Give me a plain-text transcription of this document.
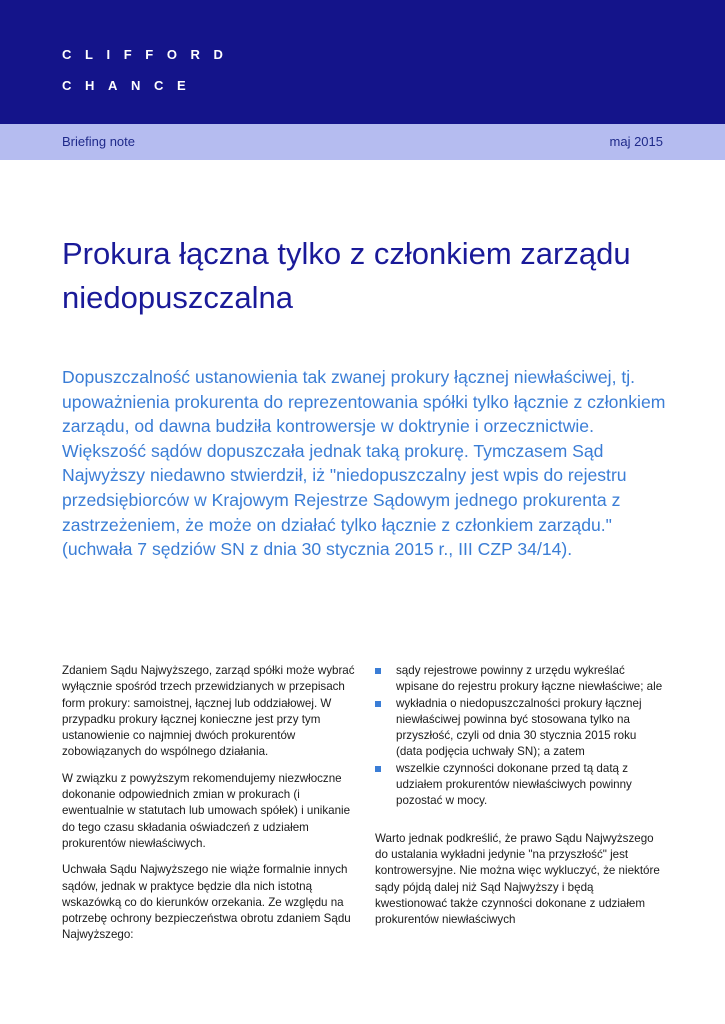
CLIFFORD
CHANCE
Briefing note	maj 2015
Prokura łączna tylko z członkiem zarządu niedopuszczalna

Dopuszczalność ustanowienia tak zwanej prokury łącznej niewłaściwej, tj. upoważnienia prokurenta do reprezentowania spółki tylko łącznie z członkiem zarządu, od dawna budziła kontrowersje w doktrynie i orzecznictwie. Większość sądów dopuszczała jednak taką prokurę. Tymczasem Sąd Najwyższy niedawno stwierdził, iż "niedopuszczalny jest wpis do rejestru przedsiębiorców w Krajowym Rejestrze Sądowym jednego prokurenta z zastrzeżeniem, że może on działać tylko łącznie z członkiem zarządu." (uchwała 7 sędziów SN z dnia 30 stycznia 2015 r., III CZP 34/14).

Zdaniem Sądu Najwyższego, zarząd spółki może wybrać wyłącznie spośród trzech przewidzianych w przepisach form prokury: samoistnej, łącznej lub oddziałowej. W przypadku prokury łącznej konieczne jest przy tym ustanowienie co najmniej dwóch prokurentów zobowiązanych do wspólnego działania.

W związku z powyższym rekomendujemy niezwłoczne dokonanie odpowiednich zmian w prokurach (i ewentualnie w statutach lub umowach spółek) i unikanie do tego czasu składania oświadczeń z udziałem prokurentów niewłaściwych.

Uchwała Sądu Najwyższego nie wiąże formalnie innych sądów, jednak w praktyce będzie dla nich istotną wskazówką co do kierunków orzekania. Ze względu na potrzebę ochrony bezpieczeństwa obrotu zdaniem Sądu Najwyższego:

sądy rejestrowe powinny z urzędu wykreślać wpisane do rejestru prokury łączne niewłaściwe; ale
wykładnia o niedopuszczalności prokury łącznej niewłaściwej powinna być stosowana tylko na przyszłość, czyli od dnia 30 stycznia 2015 roku (data podjęcia uchwały SN); a zatem
wszelkie czynności dokonane przed tą datą z udziałem prokurentów niewłaściwych powinny pozostać w mocy.

Warto jednak podkreślić, że prawo Sądu Najwyższego do ustalania wykładni jedynie "na przyszłość" jest kontrowersyjne. Nie można więc wykluczyć, że niektóre sądy pójdą dalej niż Sąd Najwyższy i będą kwestionować także czynności dokonane z udziałem prokurentów niewłaściwych
